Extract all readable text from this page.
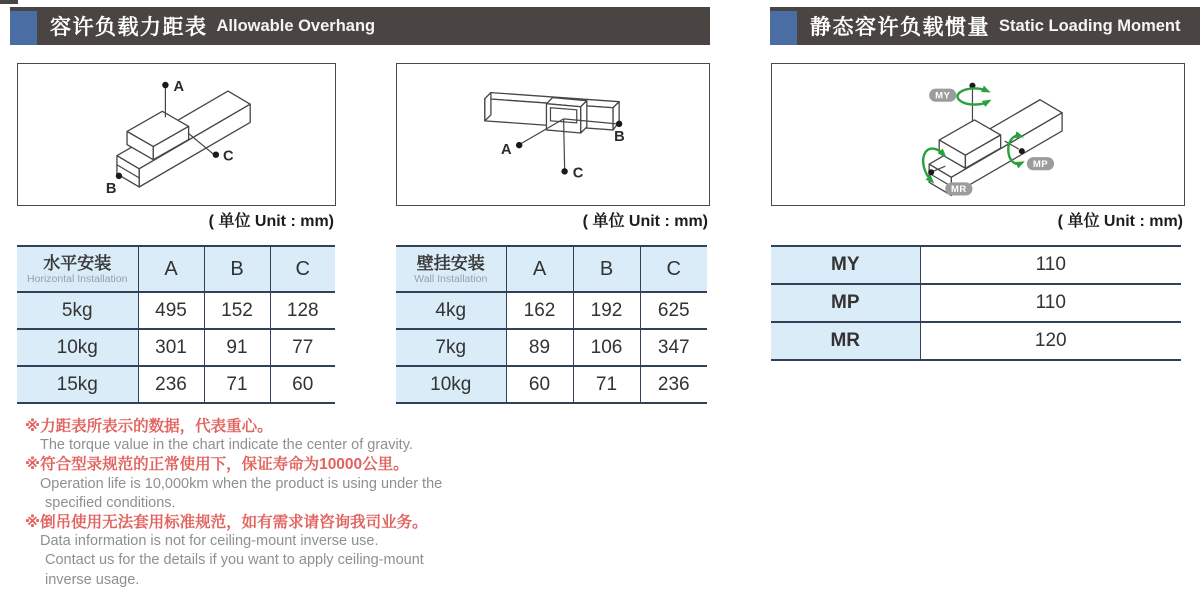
容许负载力距表 Allowable Overhang	静态容许负载惯量 Static Loading Moment
A
B
C	A
B
C
MY
MP
MR
( 单位 Unit : mm)	( 单位 Unit : mm)	( 单位 Unit : mm)
水平安装
Horizontal Installation	A	B	C
5kg	495	152	128
10kg	301	91	77
15kg	236	71	60
壁挂安装
Wall Installation	A	B	C
4kg	162	192	625
7kg	89	106	347
10kg	60	71	236
MY	110
MP	110
MR	120
※力距表所表示的数据，代表重心。
The torque value in the chart indicate the center of gravity.
※符合型录规范的正常使用下，保证寿命为10000公里。
Operation life is 10,000km when the product is using under the
specified conditions.
※倒吊使用无法套用标准规范，如有需求请咨询我司业务。
Data information is not for ceiling-mount inverse use.
Contact us for the details if you want to apply ceiling-mount
inverse usage.
